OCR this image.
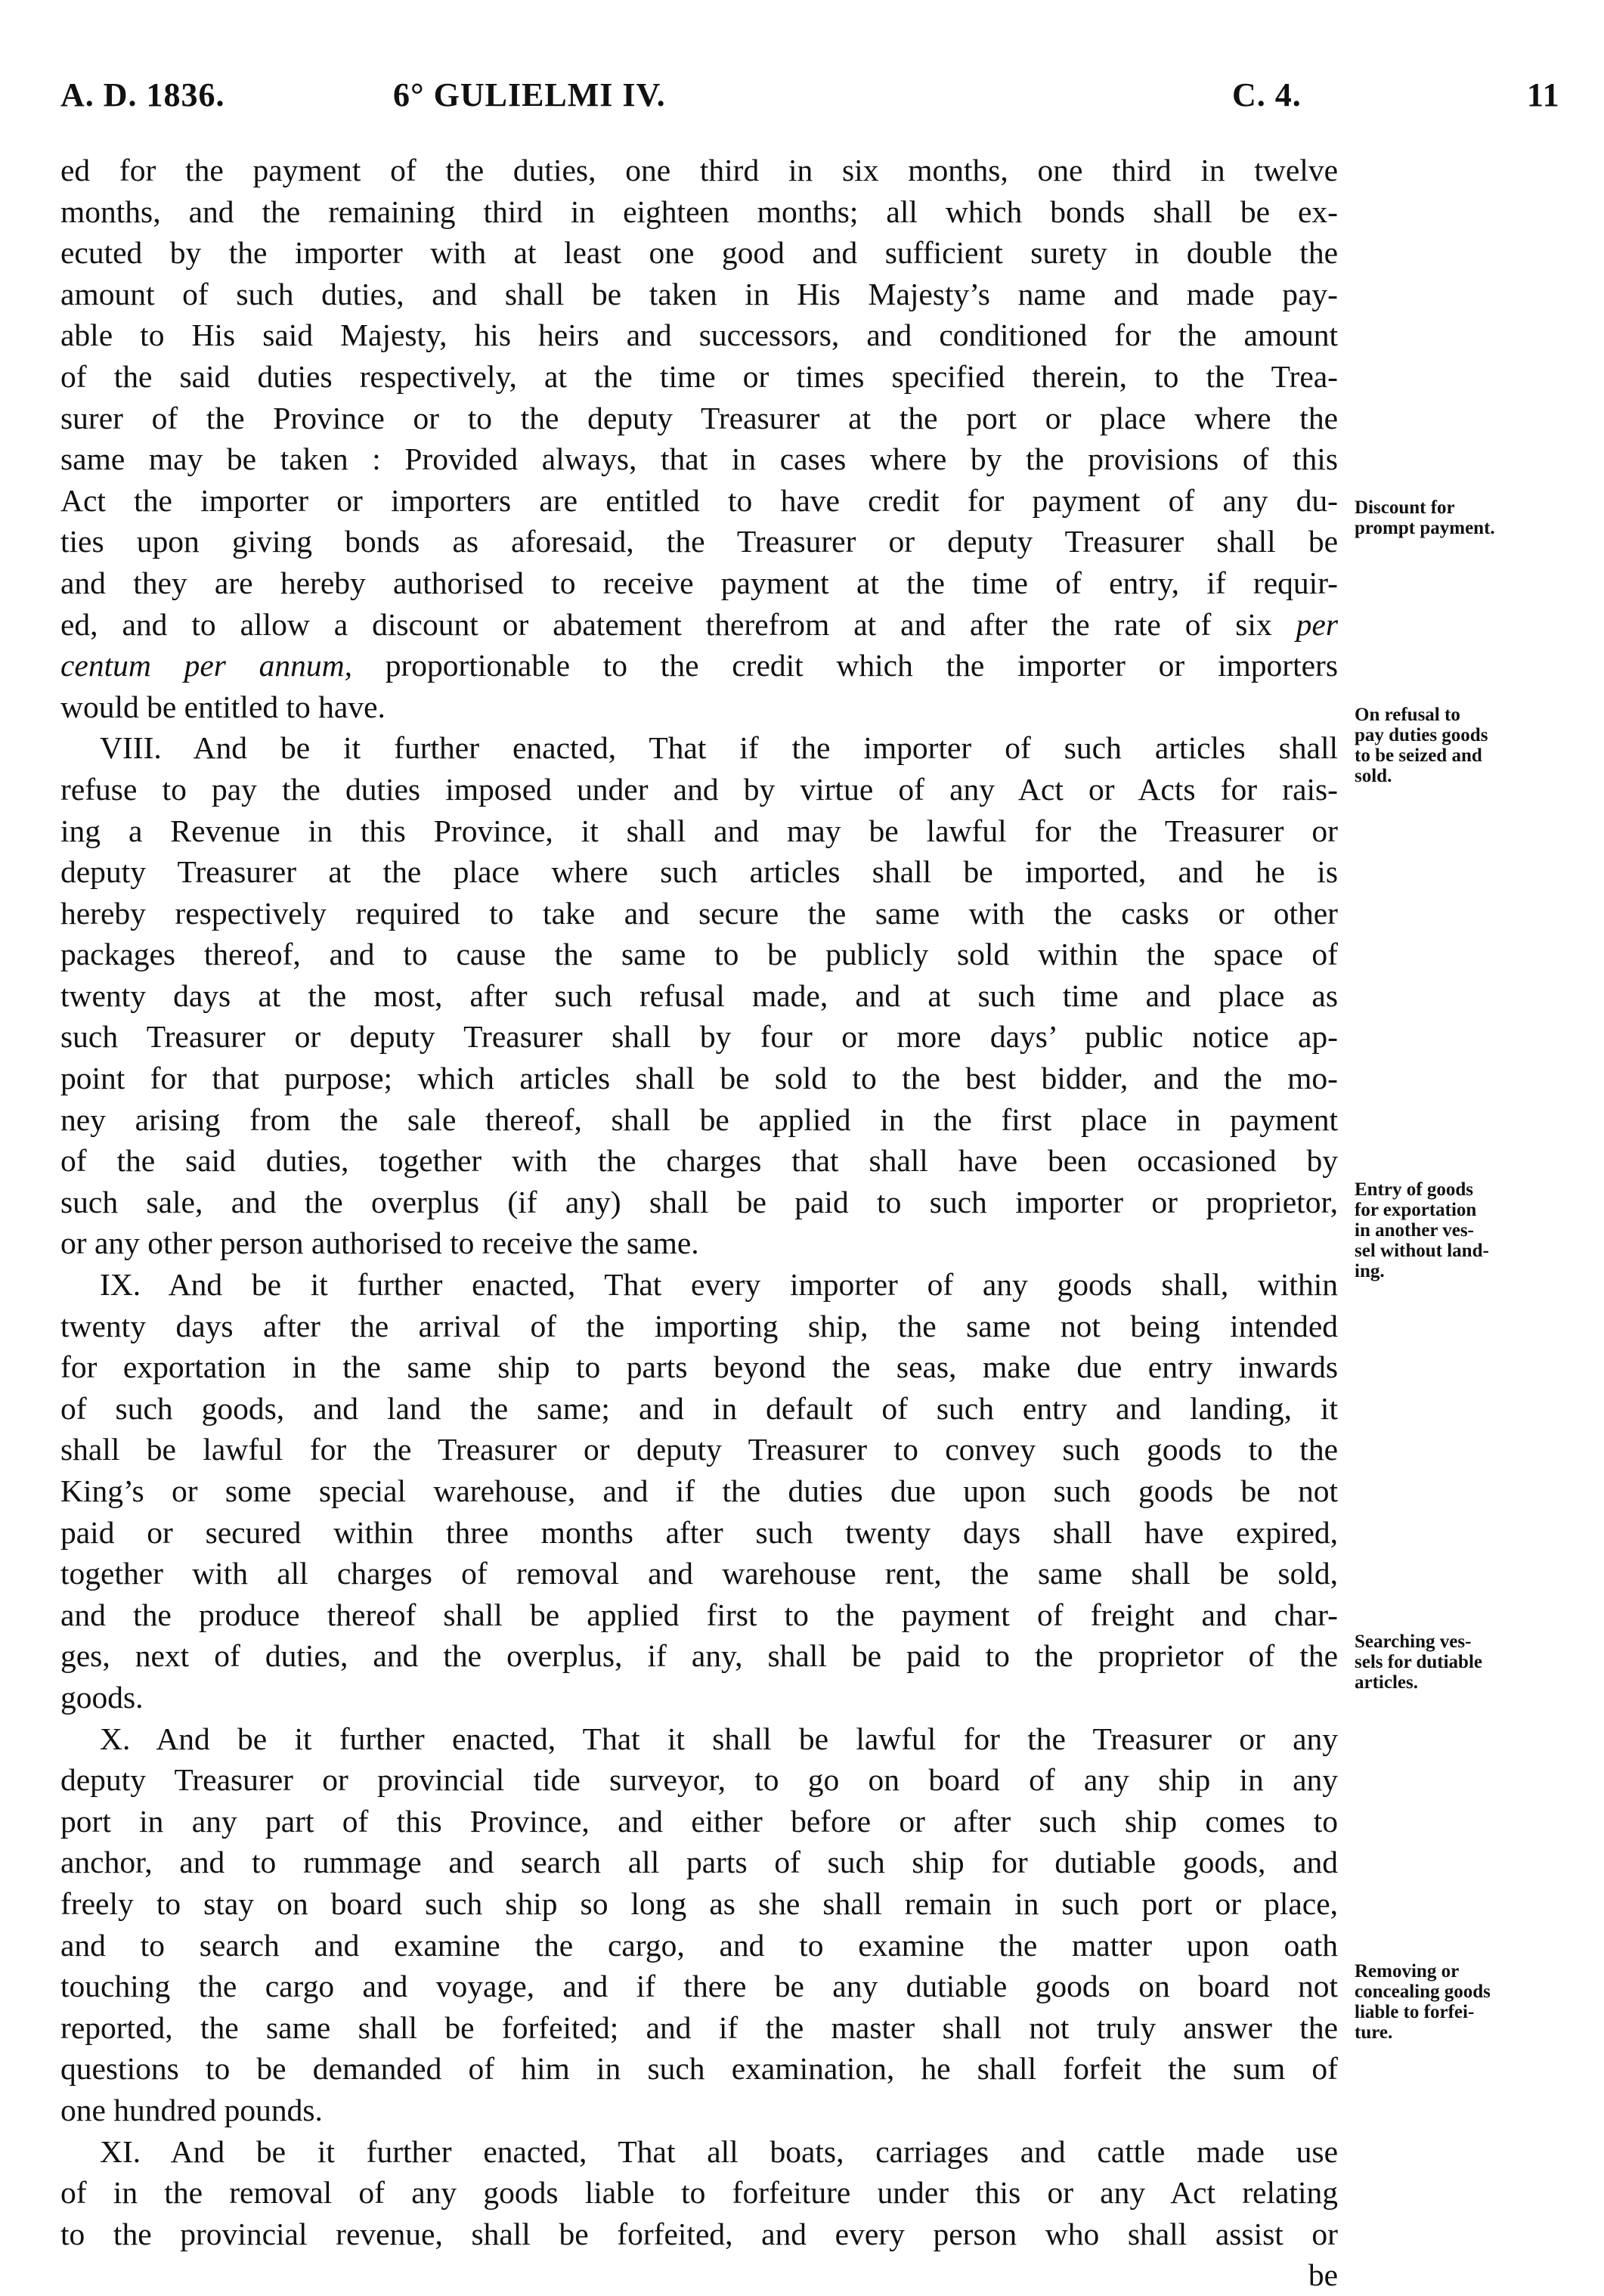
A. D. 1836.	6° GULIELMI IV.	C. 4.	11

ed for the payment of the duties, one third in six months, one third in twelve
months, and the remaining third in eighteen months; all which bonds shall be ex-
ecuted by the importer with at least one good and sufficient surety in double the
amount of such duties, and shall be taken in His Majesty’s name and made pay-
able to His said Majesty, his heirs and successors, and conditioned for the amount
of the said duties respectively, at the time or times specified therein, to the Trea-
surer of the Province or to the deputy Treasurer at the port or place where the
same may be taken : Provided always, that in cases where by the provisions of this
Act the importer or importers are entitled to have credit for payment of any du-
ties upon giving bonds as aforesaid, the Treasurer or deputy Treasurer shall be
and they are hereby authorised to receive payment at the time of entry, if requir-
ed, and to allow a discount or abatement therefrom at and after the rate of six per
centum per annum, proportionable to the credit which the importer or importers
would be entitled to have.

VIII. And be it further enacted, That if the importer of such articles shall
refuse to pay the duties imposed under and by virtue of any Act or Acts for rais-
ing a Revenue in this Province, it shall and may be lawful for the Treasurer or
deputy Treasurer at the place where such articles shall be imported, and he is
hereby respectively required to take and secure the same with the casks or other
packages thereof, and to cause the same to be publicly sold within the space of
twenty days at the most, after such refusal made, and at such time and place as
such Treasurer or deputy Treasurer shall by four or more days’ public notice ap-
point for that purpose; which articles shall be sold to the best bidder, and the mo-
ney arising from the sale thereof, shall be applied in the first place in payment
of the said duties, together with the charges that shall have been occasioned by
such sale, and the overplus (if any) shall be paid to such importer or proprietor,
or any other person authorised to receive the same.

IX. And be it further enacted, That every importer of any goods shall, within
twenty days after the arrival of the importing ship, the same not being intended
for exportation in the same ship to parts beyond the seas, make due entry inwards
of such goods, and land the same; and in default of such entry and landing, it
shall be lawful for the Treasurer or deputy Treasurer to convey such goods to the
King’s or some special warehouse, and if the duties due upon such goods be not
paid or secured within three months after such twenty days shall have expired,
together with all charges of removal and warehouse rent, the same shall be sold,
and the produce thereof shall be applied first to the payment of freight and char-
ges, next of duties, and the overplus, if any, shall be paid to the proprietor of the
goods.

X. And be it further enacted, That it shall be lawful for the Treasurer or any
deputy Treasurer or provincial tide surveyor, to go on board of any ship in any
port in any part of this Province, and either before or after such ship comes to
anchor, and to rummage and search all parts of such ship for dutiable goods, and
freely to stay on board such ship so long as she shall remain in such port or place,
and to search and examine the cargo, and to examine the matter upon oath
touching the cargo and voyage, and if there be any dutiable goods on board not
reported, the same shall be forfeited; and if the master shall not truly answer the
questions to be demanded of him in such examination, he shall forfeit the sum of
one hundred pounds.

XI. And be it further enacted, That all boats, carriages and cattle made use
of in the removal of any goods liable to forfeiture under this or any Act relating
to the provincial revenue, shall be forfeited, and every person who shall assist or
be

Discount for
prompt payment.
On refusal to
pay duties goods
to be seized and
sold.
Entry of goods
for exportation
in another ves-
sel without land-
ing.
Searching ves-
sels for dutiable
articles.
Removing or
concealing goods
liable to forfei-
ture.
